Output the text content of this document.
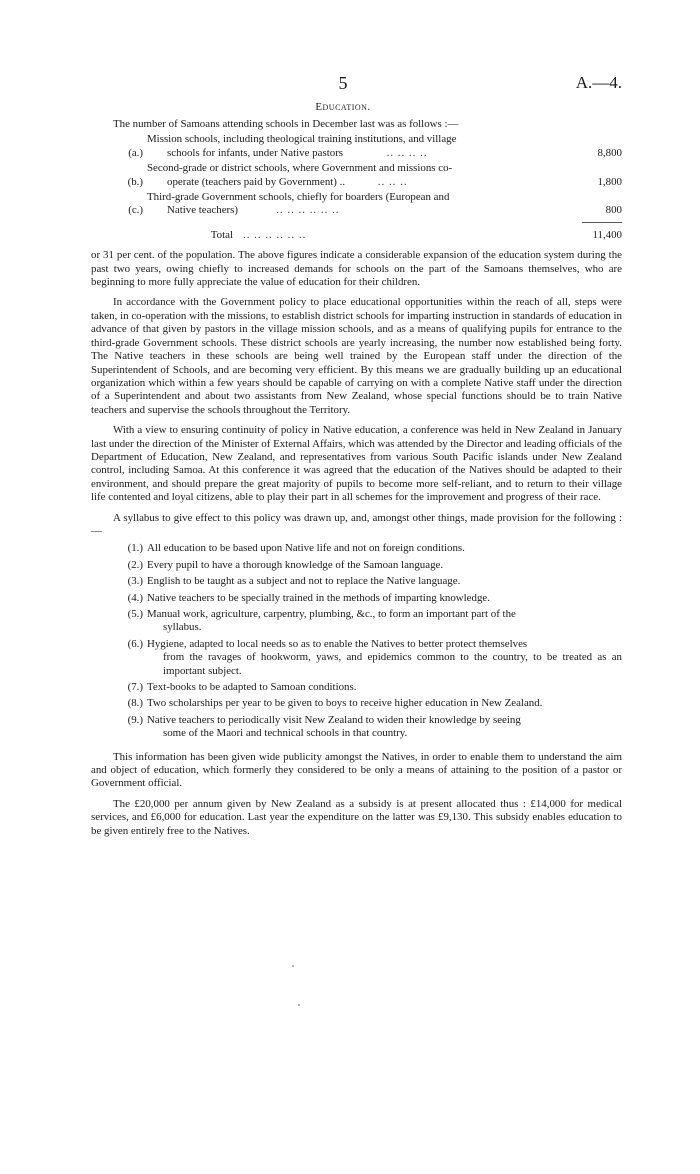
5	A.—4.
Education.

The number of Samoans attending schools in December last was as follows :—

(a.)
Mission schools, including theological training institutions, and village
schools for infants, under Native pastors	.. .. .. ..	8,800
(b.)
Second-grade or district schools, where Government and missions co-
operate (teachers paid by Government) ..	.. .. ..	1,800
(c.)
Third-grade Government schools, chiefly for boarders (European and
Native teachers)	.. .. .. .. .. ..	800
Total .. .. .. .. .. ..	11,400

or 31 per cent. of the population. The above figures indicate a considerable expansion of the education system during the past two years, owing chiefly to increased demands for schools on the part of the Samoans themselves, who are beginning to more fully appreciate the value of education for their children.

In accordance with the Government policy to place educational opportunities within the reach of all, steps were taken, in co-operation with the missions, to establish district schools for imparting instruction in standards of education in advance of that given by pastors in the village mission schools, and as a means of qualifying pupils for entrance to the third-grade Government schools. These district schools are yearly increasing, the number now established being forty. The Native teachers in these schools are being well trained by the European staff under the direction of the Superintendent of Schools, and are becoming very efficient. By this means we are gradually building up an educational organization which within a few years should be capable of carrying on with a complete Native staff under the direction of a Superintendent and about two assistants from New Zealand, whose special functions should be to train Native teachers and supervise the schools throughout the Territory.

With a view to ensuring continuity of policy in Native education, a conference was held in New Zealand in January last under the direction of the Minister of External Affairs, which was attended by the Director and leading officials of the Department of Education, New Zealand, and representatives from various South Pacific islands under New Zealand control, including Samoa. At this conference it was agreed that the education of the Natives should be adapted to their environment, and should prepare the great majority of pupils to become more self-reliant, and to return to their village life contented and loyal citizens, able to play their part in all schemes for the improvement and progress of their race.

A syllabus to give effect to this policy was drawn up, and, amongst other things, made provision for the following :—

(1.) All education to be based upon Native life and not on foreign conditions.
(2.) Every pupil to have a thorough knowledge of the Samoan language.
(3.) English to be taught as a subject and not to replace the Native language.
(4.) Native teachers to be specially trained in the methods of imparting knowledge.
(5.) Manual work, agriculture, carpentry, plumbing, &c., to form an important part of the
syllabus.
(6.) Hygiene, adapted to local needs so as to enable the Natives to better protect themselves
from the ravages of hookworm, yaws, and epidemics common to the country, to be treated as an important subject.
(7.) Text-books to be adapted to Samoan conditions.
(8.) Two scholarships per year to be given to boys to receive higher education in New Zealand.
(9.) Native teachers to periodically visit New Zealand to widen their knowledge by seeing
some of the Maori and technical schools in that country.

This information has been given wide publicity amongst the Natives, in order to enable them to understand the aim and object of education, which formerly they considered to be only a means of attaining to the position of a pastor or Government official.

The £20,000 per annum given by New Zealand as a subsidy is at present allocated thus : £14,000 for medical services, and £6,000 for education. Last year the expenditure on the latter was £9,130. This subsidy enables education to be given entirely free to the Natives.
